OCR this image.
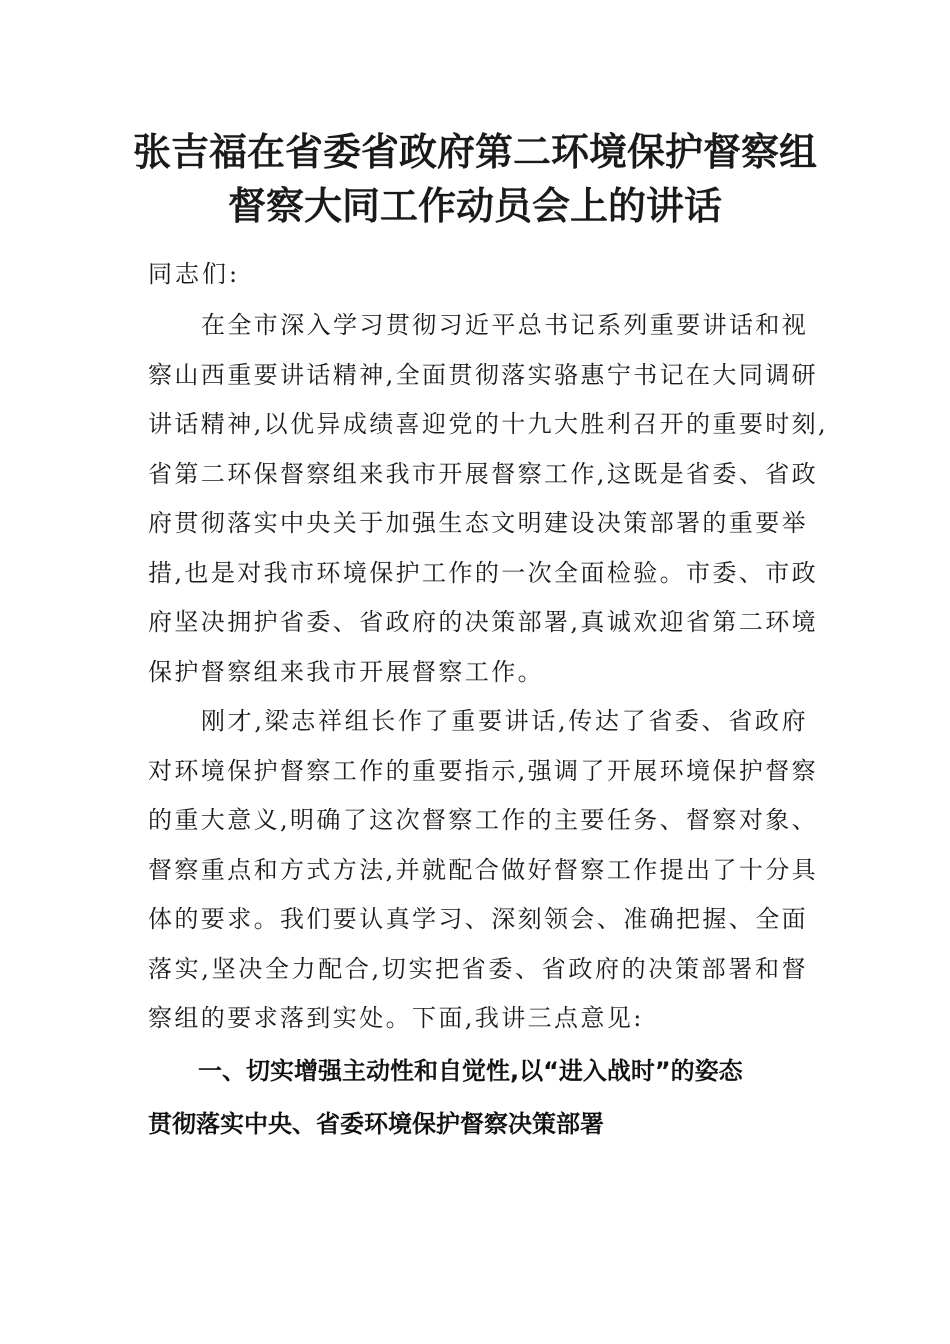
张吉福在省委省政府第二环境保护督察组
督察大同工作动员会上的讲话
同志们:
在全市深入学习贯彻习近平总书记系列重要讲话和视
察山西重要讲话精神,全面贯彻落实骆惠宁书记在大同调研
讲话精神,以优异成绩喜迎党的十九大胜利召开的重要时刻,
省第二环保督察组来我市开展督察工作,这既是省委、省政
府贯彻落实中央关于加强生态文明建设决策部署的重要举
措,也是对我市环境保护工作的一次全面检验。市委、市政
府坚决拥护省委、省政府的决策部署,真诚欢迎省第二环境
保护督察组来我市开展督察工作。
刚才,梁志祥组长作了重要讲话,传达了省委、省政府
对环境保护督察工作的重要指示,强调了开展环境保护督察
的重大意义,明确了这次督察工作的主要任务、督察对象、
督察重点和方式方法,并就配合做好督察工作提出了十分具
体的要求。我们要认真学习、深刻领会、准确把握、全面
落实,坚决全力配合,切实把省委、省政府的决策部署和督
察组的要求落到实处。下面,我讲三点意见:
一、切实增强主动性和自觉性,以“进入战时”的姿态
贯彻落实中央、省委环境保护督察决策部署
